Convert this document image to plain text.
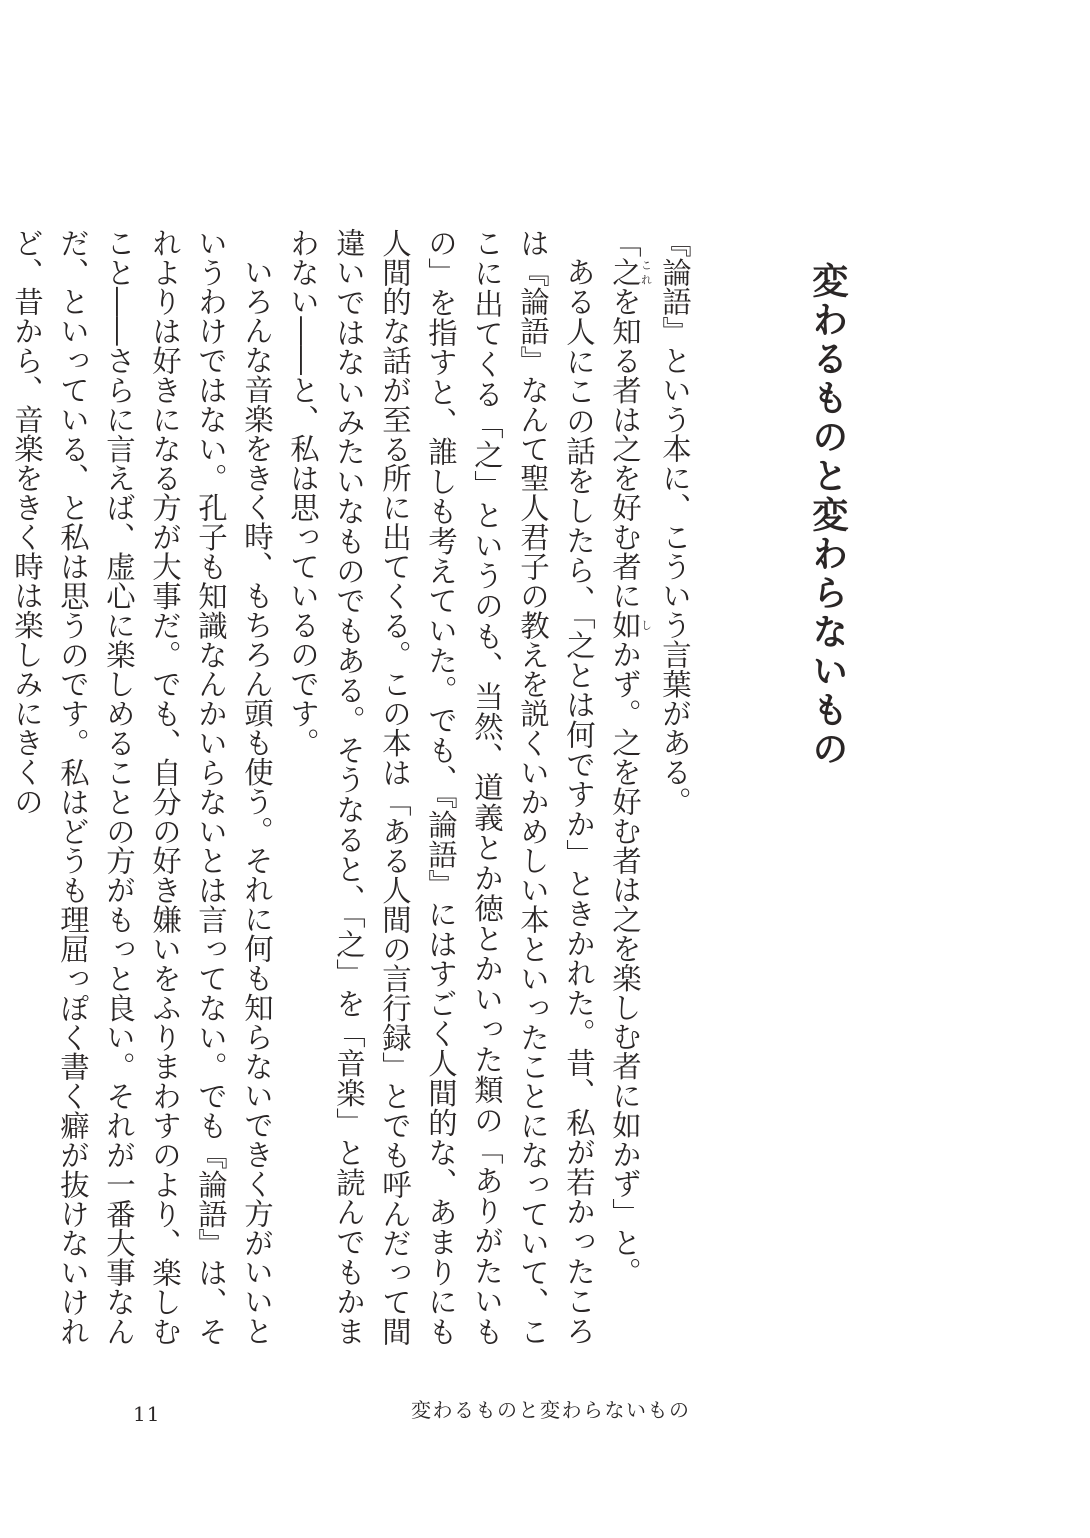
変わるものと変わらないもの

『論語』という本に、こういう言葉がある。

「之これを知る者は之を好む者に如しかず。之を好む者は之を楽しむ者に如かず」と。

ある人にこの話をしたら、「之とは何ですか」ときかれた。昔、私が若かったころは『論語』なんて聖人君子の教えを説くいかめしい本といったことになっていて、ここに出てくる「之」というのも、当然、道義とか徳とかいった類の「ありがたいもの」を指すと、誰しも考えていた。でも、『論語』にはすごく人間的な、あまりにも人間的な話が至る所に出てくる。この本は「ある人間の言行録」とでも呼んだって間違いではないみたいなものでもある。そうなると、「之」を「音楽」と読んでもかまわない――と、私は思っているのです。

いろんな音楽をきく時、もちろん頭も使う。それに何も知らないできく方がいいというわけではない。孔子も知識なんかいらないとは言ってない。でも『論語』は、それよりは好きになる方が大事だ。でも、自分の好き嫌いをふりまわすのより、楽しむこと――さらに言えば、虚心に楽しめることの方がもっと良い。それが一番大事なんだ、といっている、と私は思うのです。私はどうも理屈っぽく書く癖が抜けないけれど、昔から、音楽をきく時は楽しみにきくの

11	変わるものと変わらないもの
